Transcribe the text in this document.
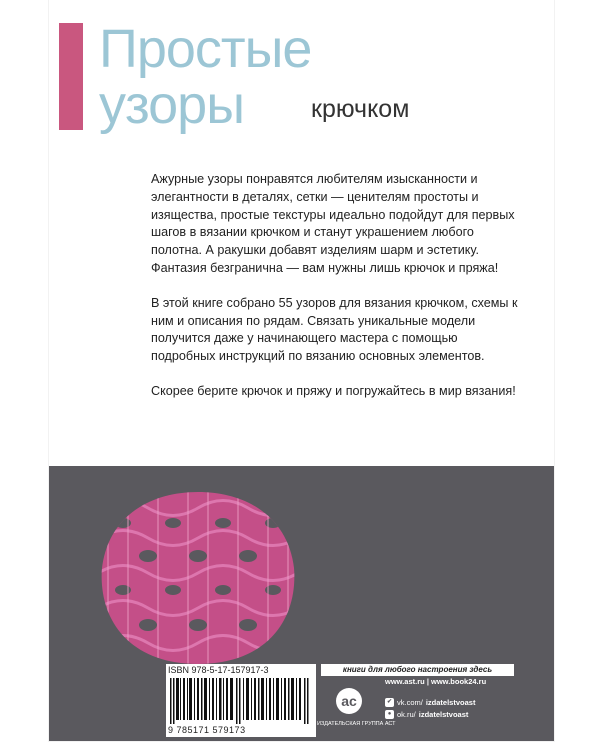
Простые
узоры	крючком

Ажурные узоры понравятся любителям изысканности и элегантности в деталях, сетки — ценителям простоты и изящества, простые текстуры идеально подойдут для первых шагов в вязании крючком и станут украшением любого полотна. А ракушки добавят изделиям шарм и эстетику. Фантазия безгранична — вам нужны лишь крючок и пряжа!

В этой книге собрано 55 узоров для вязания крючком, схемы к ним и описания по рядам. Связать уникальные модели получится даже у начинающего мастера с помощью подробных инструкций по вязанию основных элементов.

Скорее берите крючок и пряжу и погружайтесь в мир вязания!

ISBN 978-5-17-157917-3
9 785171 579173
книги для любого настроения здесь
ac
ИЗДАТЕЛЬСКАЯ ГРУППА АСТ
www.ast.ru | www.book24.ru
✔ vk.com/ izdatelstvoast
● ok.ru/ izdatelstvoast
